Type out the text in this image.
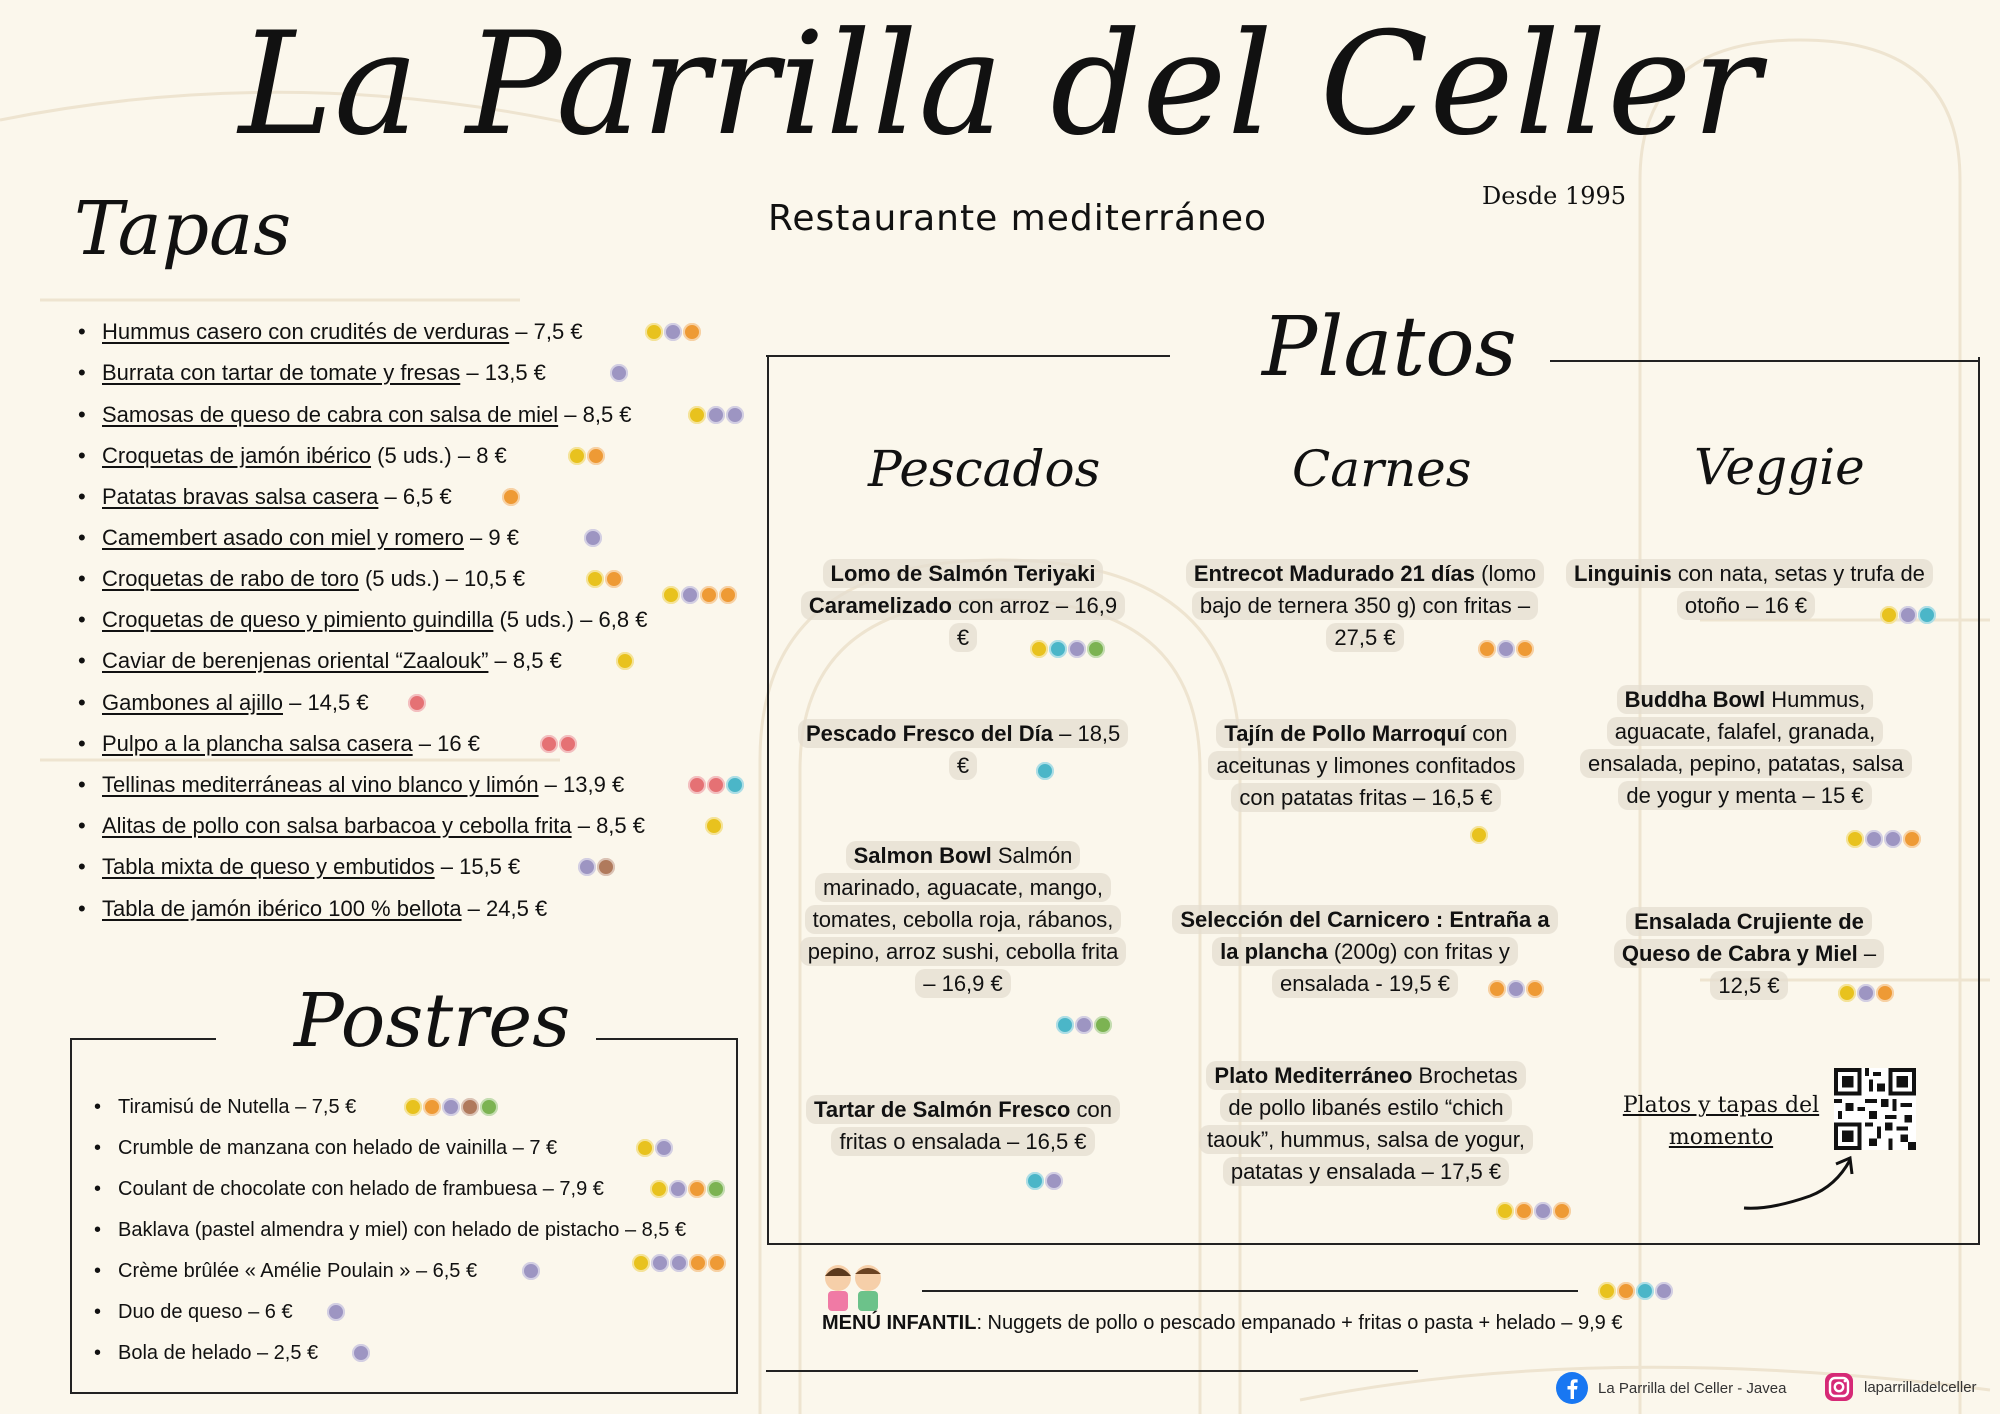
La Parrilla del Celler
Restaurante mediterráneo
Desde 1995
Tapas
• Hummus casero con crudités de verduras – 7,5 €
• Burrata con tartar de tomate y fresas – 13,5 €
• Samosas de queso de cabra con salsa de miel – 8,5 €
• Croquetas de jamón ibérico (5 uds.) – 8 €
• Patatas bravas salsa casera – 6,5 €
• Camembert asado con miel y romero – 9 €
• Croquetas de rabo de toro (5 uds.) – 10,5 €
• Croquetas de queso y pimiento guindilla (5 uds.) – 6,8 €
• Caviar de berenjenas oriental “Zaalouk” – 8,5 €
• Gambones al ajillo – 14,5 €
• Pulpo a la plancha salsa casera – 16 €
• Tellinas mediterráneas al vino blanco y limón – 13,9 €
• Alitas de pollo con salsa barbacoa y cebolla frita – 8,5 €
• Tabla mixta de queso y embutidos – 15,5 €
• Tabla de jamón ibérico 100 % bellota – 24,5 €
Postres
• Tiramisú de Nutella – 7,5 €
• Crumble de manzana con helado de vainilla – 7 €
• Coulant de chocolate con helado de frambuesa – 7,9 €
• Baklava (pastel almendra y miel) con helado de pistacho – 8,5 €
• Crème brûlée « Amélie Poulain » – 6,5 €
• Duo de queso – 6 €
• Bola de helado – 2,5 €
Platos
Pescados	Carnes	Veggie
Lomo de Salmón Teriyaki Caramelizado con arroz – 16,9 €
Pescado Fresco del Día – 18,5 €
Salmon Bowl Salmón marinado, aguacate, mango, tomates, cebolla roja, rábanos, pepino, arroz sushi, cebolla frita – 16,9 €
Tartar de Salmón Fresco con fritas o ensalada – 16,5 €
Entrecot Madurado 21 días (lomo bajo de ternera 350 g) con fritas – 27,5 €
Tajín de Pollo Marroquí con aceitunas y limones confitados con patatas fritas – 16,5 €
Selección del Carnicero : Entraña a la plancha (200g) con fritas y ensalada - 19,5 €
Plato Mediterráneo Brochetas de pollo libanés estilo “chich taouk”, hummus, salsa de yogur, patatas y ensalada – 17,5 €
Linguinis con nata, setas y trufa de otoño – 16 €
Buddha Bowl Hummus, aguacate, falafel, granada, ensalada, pepino, patatas, salsa de yogur y menta – 15 €
Ensalada Crujiente de Queso de Cabra y Miel – 12,5 €
Platos y tapas del momento
MENÚ INFANTIL: Nuggets de pollo o pescado empanado + fritas o pasta + helado – 9,9 €
La Parrilla del Celler - Javea	laparrilladelceller
